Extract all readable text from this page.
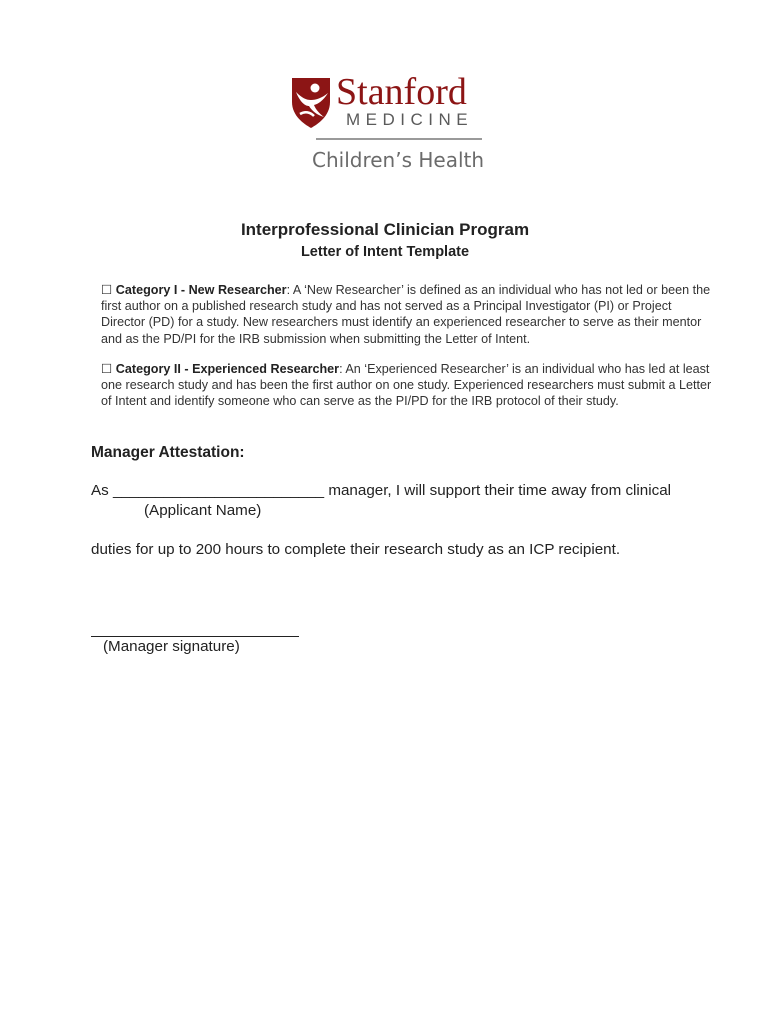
Stanford
MEDICINE
Children’s Health
Interprofessional Clinician Program
Letter of Intent Template
☐ Category I - New Researcher: A ‘New Researcher’ is defined as an individual who has not led or been the first author on a published research study and has not served as a Principal Investigator (PI) or Project Director (PD) for a study. New researchers must identify an experienced researcher to serve as their mentor and as the PD/PI for the IRB submission when submitting the Letter of Intent.
☐ Category II - Experienced Researcher: An ‘Experienced Researcher’ is an individual who has led at least one research study and has been the first author on one study. Experienced researchers must submit a Letter of Intent and identify someone who can serve as the PI/PD for the IRB protocol of their study.
Manager Attestation:
As _________________________ manager, I will support their time away from clinical
(Applicant Name)
duties for up to 200 hours to complete their research study as an ICP recipient.
(Manager signature)
